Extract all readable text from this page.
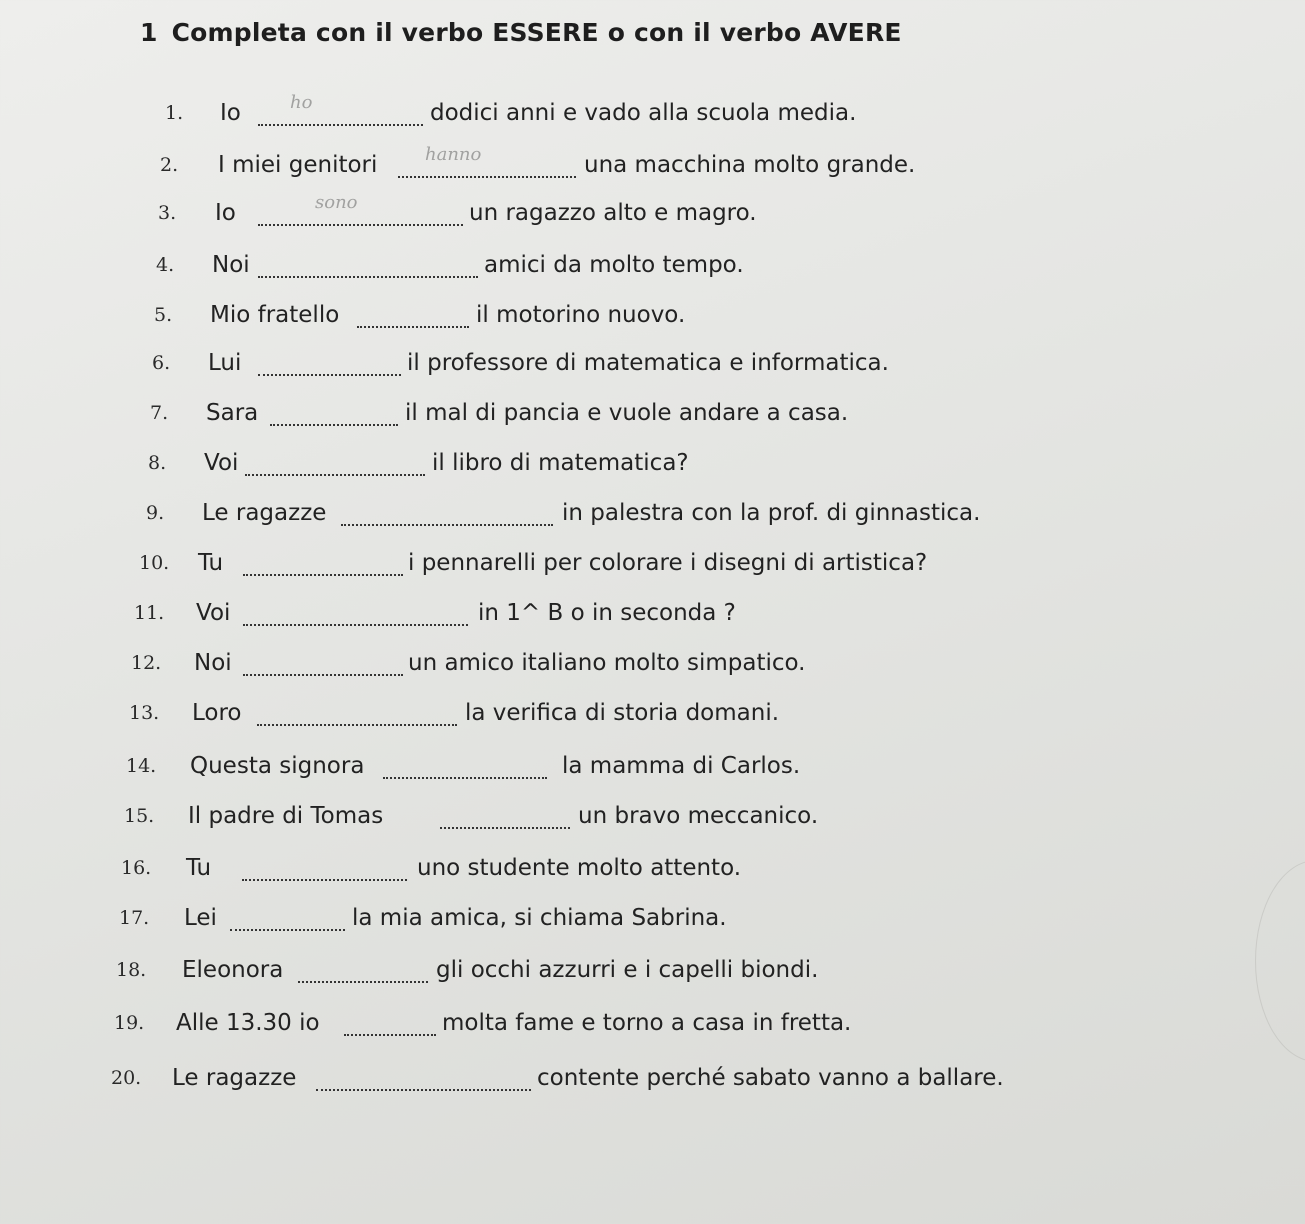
1 Completa con il verbo ESSERE o con il verbo AVERE
1. Io	ho	dodici anni e vado alla scuola media.
2. I miei genitori	hanno	una macchina molto grande.
3. Io	sono	un ragazzo alto e magro.
4. Noi	amici da molto tempo.
5. Mio fratello	il motorino nuovo.
6. Lui	il professore di matematica e informatica.
7. Sara	il mal di pancia e vuole andare a casa.
8. Voi	il libro di matematica?
9. Le ragazze	in palestra con la prof. di ginnastica.
10. Tu	i pennarelli per colorare i disegni di artistica?
11. Voi	in 1^ B o in seconda ?
12. Noi	un amico italiano molto simpatico.
13. Loro	la verifica di storia domani.
14. Questa signora	la mamma di Carlos.
15. Il padre di Tomas	un bravo meccanico.
16. Tu	uno studente molto attento.
17. Lei	la mia amica, si chiama Sabrina.
18. Eleonora	gli occhi azzurri e i capelli biondi.
19. Alle 13.30 io	molta fame e torno a casa in fretta.
20. Le ragazze	contente perché sabato vanno a ballare.
